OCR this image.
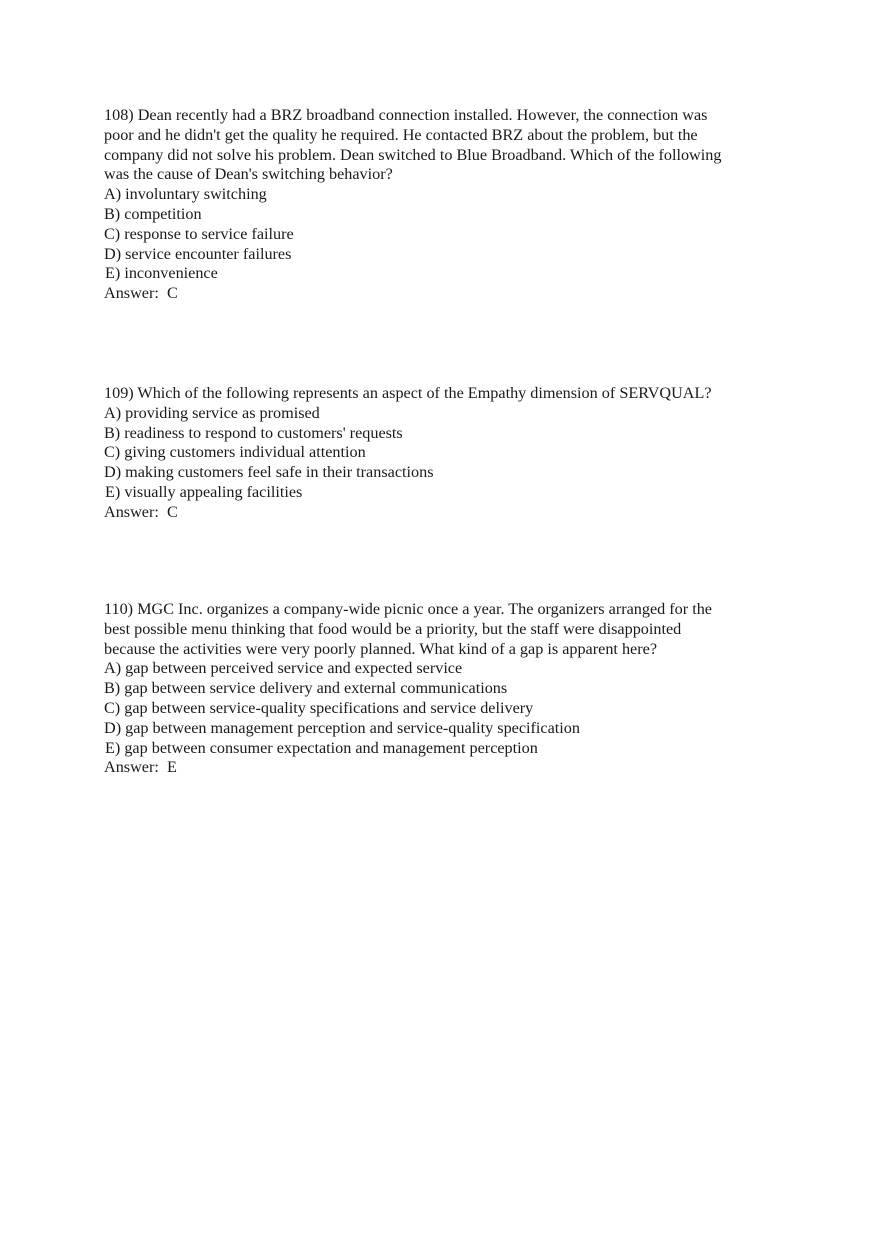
108) Dean recently had a BRZ broadband connection installed. However, the connection was
poor and he didn't get the quality he required. He contacted BRZ about the problem, but the
company did not solve his problem. Dean switched to Blue Broadband. Which of the following
was the cause of Dean's switching behavior?
A) involuntary switching
B) competition
C) response to service failure
D) service encounter failures
E) inconvenience
Answer:  C
109) Which of the following represents an aspect of the Empathy dimension of SERVQUAL?
A) providing service as promised
B) readiness to respond to customers' requests
C) giving customers individual attention
D) making customers feel safe in their transactions
E) visually appealing facilities
Answer:  C
110) MGC Inc. organizes a company-wide picnic once a year. The organizers arranged for the
best possible menu thinking that food would be a priority, but the staff were disappointed
because the activities were very poorly planned. What kind of a gap is apparent here?
A) gap between perceived service and expected service
B) gap between service delivery and external communications
C) gap between service-quality specifications and service delivery
D) gap between management perception and service-quality specification
E) gap between consumer expectation and management perception
Answer:  E
